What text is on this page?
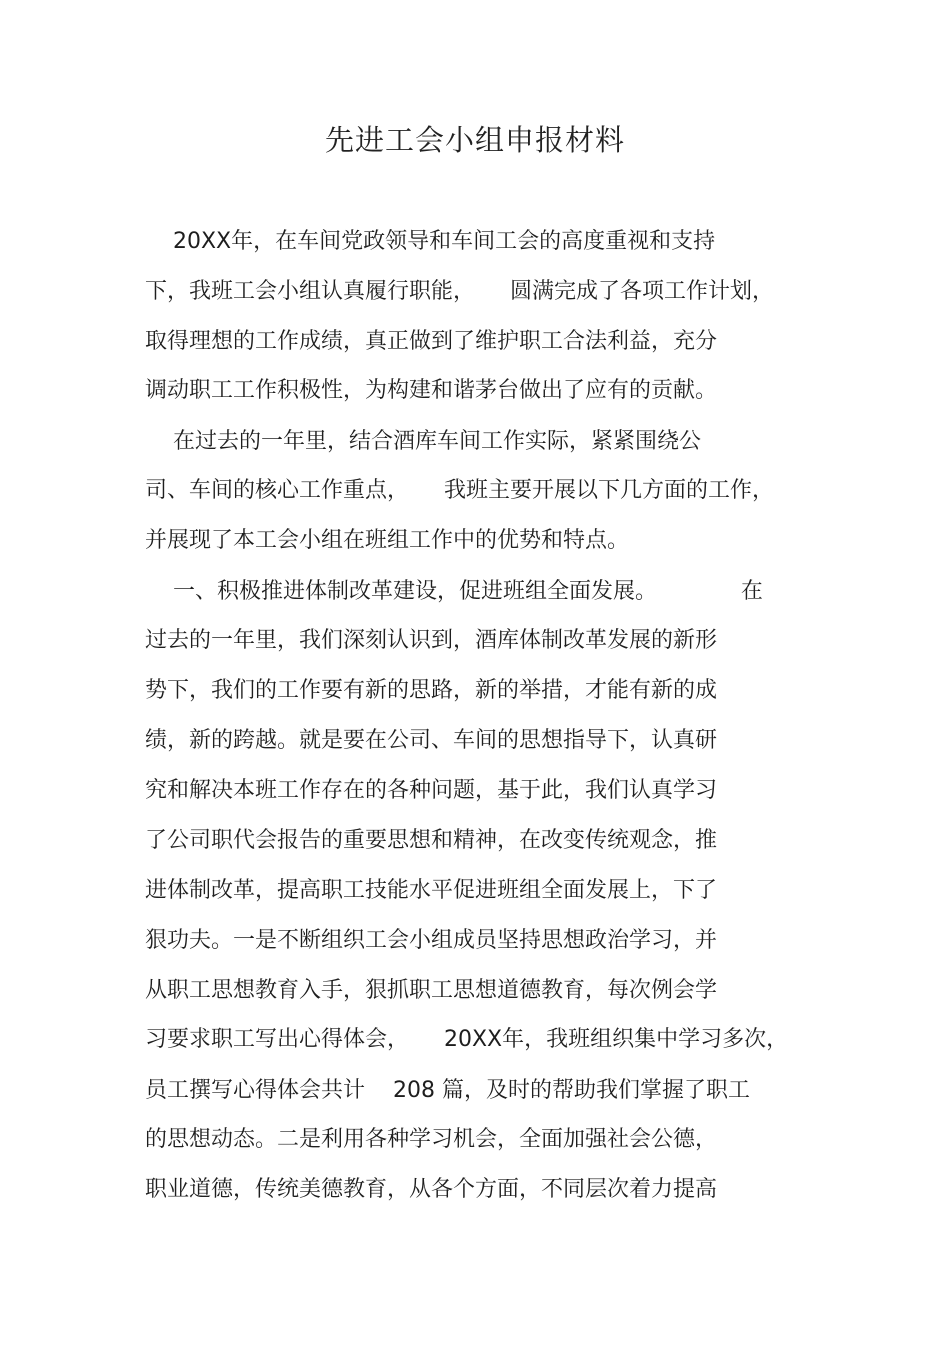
先进工会小组申报材料
20XX年，在车间党政领导和车间工会的高度重视和支持
下，我班工会小组认真履行职能，     圆满完成了各项工作计划，
取得理想的工作成绩，真正做到了维护职工合法利益，充分
调动职工工作积极性，为构建和谐茅台做出了应有的贡献。
在过去的一年里，结合酒库车间工作实际，紧紧围绕公
司、车间的核心工作重点，     我班主要开展以下几方面的工作，
并展现了本工会小组在班组工作中的优势和特点。
一、积极推进体制改革建设，促进班组全面发展。            在
过去的一年里，我们深刻认识到，酒库体制改革发展的新形
势下，我们的工作要有新的思路，新的举措，才能有新的成
绩，新的跨越。就是要在公司、车间的思想指导下，认真研
究和解决本班工作存在的各种问题，基于此，我们认真学习
了公司职代会报告的重要思想和精神，在改变传统观念，推
进体制改革，提高职工技能水平促进班组全面发展上，下了
狠功夫。一是不断组织工会小组成员坚持思想政治学习，并
从职工思想教育入手，狠抓职工思想道德教育，每次例会学
习要求职工写出心得体会，     20XX年，我班组织集中学习多次，
员工撰写心得体会共计    208 篇，及时的帮助我们掌握了职工
的思想动态。二是利用各种学习机会，全面加强社会公德，
职业道德，传统美德教育，从各个方面，不同层次着力提高
